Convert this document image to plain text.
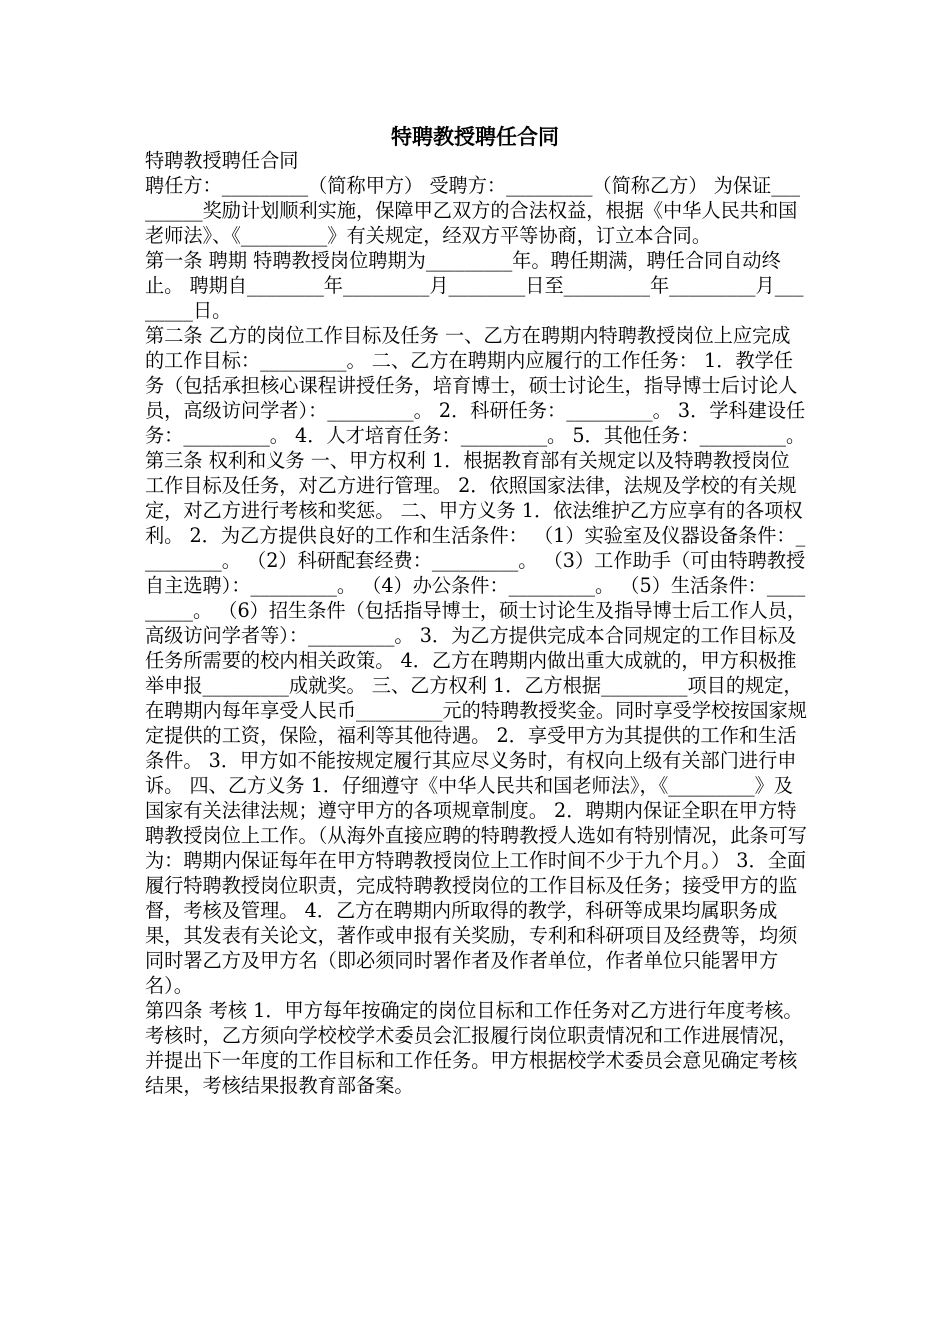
特聘教授聘任合同

特聘教授聘任合同

聘任方：_________（简称甲方） 受聘方：_________（简称乙方） 为保证_________奖励计划顺利实施，保障甲乙双方的合法权益，根据《中华人民共和国老师法》、《_________》有关规定，经双方平等协商，订立本合同。

第一条 聘期 特聘教授岗位聘期为_________年。聘任期满，聘任合同自动终止。 聘期自________年_________月________日至_________年_________月________日。

第二条 乙方的岗位工作目标及任务 一、乙方在聘期内特聘教授岗位上应完成的工作目标：_________。 二、乙方在聘期内应履行的工作任务： 1．教学任务（包括承担核心课程讲授任务，培育博士，硕士讨论生，指导博士后讨论人员，高级访问学者）：_________。 2．科研任务：_________。 3．学科建设任务：_________。 4．人才培育任务：_________。 5．其他任务：_________。

第三条 权利和义务 一、甲方权利 1．根据教育部有关规定以及特聘教授岗位工作目标及任务，对乙方进行管理。 2．依照国家法律，法规及学校的有关规定，对乙方进行考核和奖惩。 二、甲方义务 1．依法维护乙方应享有的各项权利。 2．为乙方提供良好的工作和生活条件： （1）实验室及仪器设备条件：_________。 （2）科研配套经费：_________。 （3）工作助手（可由特聘教授自主选聘）：_________。 （4）办公条件：_________。 （5）生活条件：_________。 （6）招生条件（包括指导博士，硕士讨论生及指导博士后工作人员，高级访问学者等）：_________。 3．为乙方提供完成本合同规定的工作目标及任务所需要的校内相关政策。 4．乙方在聘期内做出重大成就的，甲方积极推举申报_________成就奖。 三、乙方权利 1．乙方根据_________项目的规定，在聘期内每年享受人民币_________元的特聘教授奖金。同时享受学校按国家规定提供的工资，保险，福利等其他待遇。 2．享受甲方为其提供的工作和生活条件。 3．甲方如不能按规定履行其应尽义务时，有权向上级有关部门进行申诉。 四、乙方义务 1．仔细遵守《中华人民共和国老师法》，《_________》及国家有关法律法规；遵守甲方的各项规章制度。 2．聘期内保证全职在甲方特聘教授岗位上工作。（从海外直接应聘的特聘教授人选如有特别情况，此条可写为：聘期内保证每年在甲方特聘教授岗位上工作时间不少于九个月。） 3．全面履行特聘教授岗位职责，完成特聘教授岗位的工作目标及任务；接受甲方的监督，考核及管理。 4．乙方在聘期内所取得的教学，科研等成果均属职务成果，其发表有关论文，著作或申报有关奖励，专利和科研项目及经费等，均须同时署乙方及甲方名（即必须同时署作者及作者单位，作者单位只能署甲方名）。

第四条 考核 1．甲方每年按确定的岗位目标和工作任务对乙方进行年度考核。考核时，乙方须向学校校学术委员会汇报履行岗位职责情况和工作进展情况，并提出下一年度的工作目标和工作任务。甲方根据校学术委员会意见确定考核结果，考核结果报教育部备案。
